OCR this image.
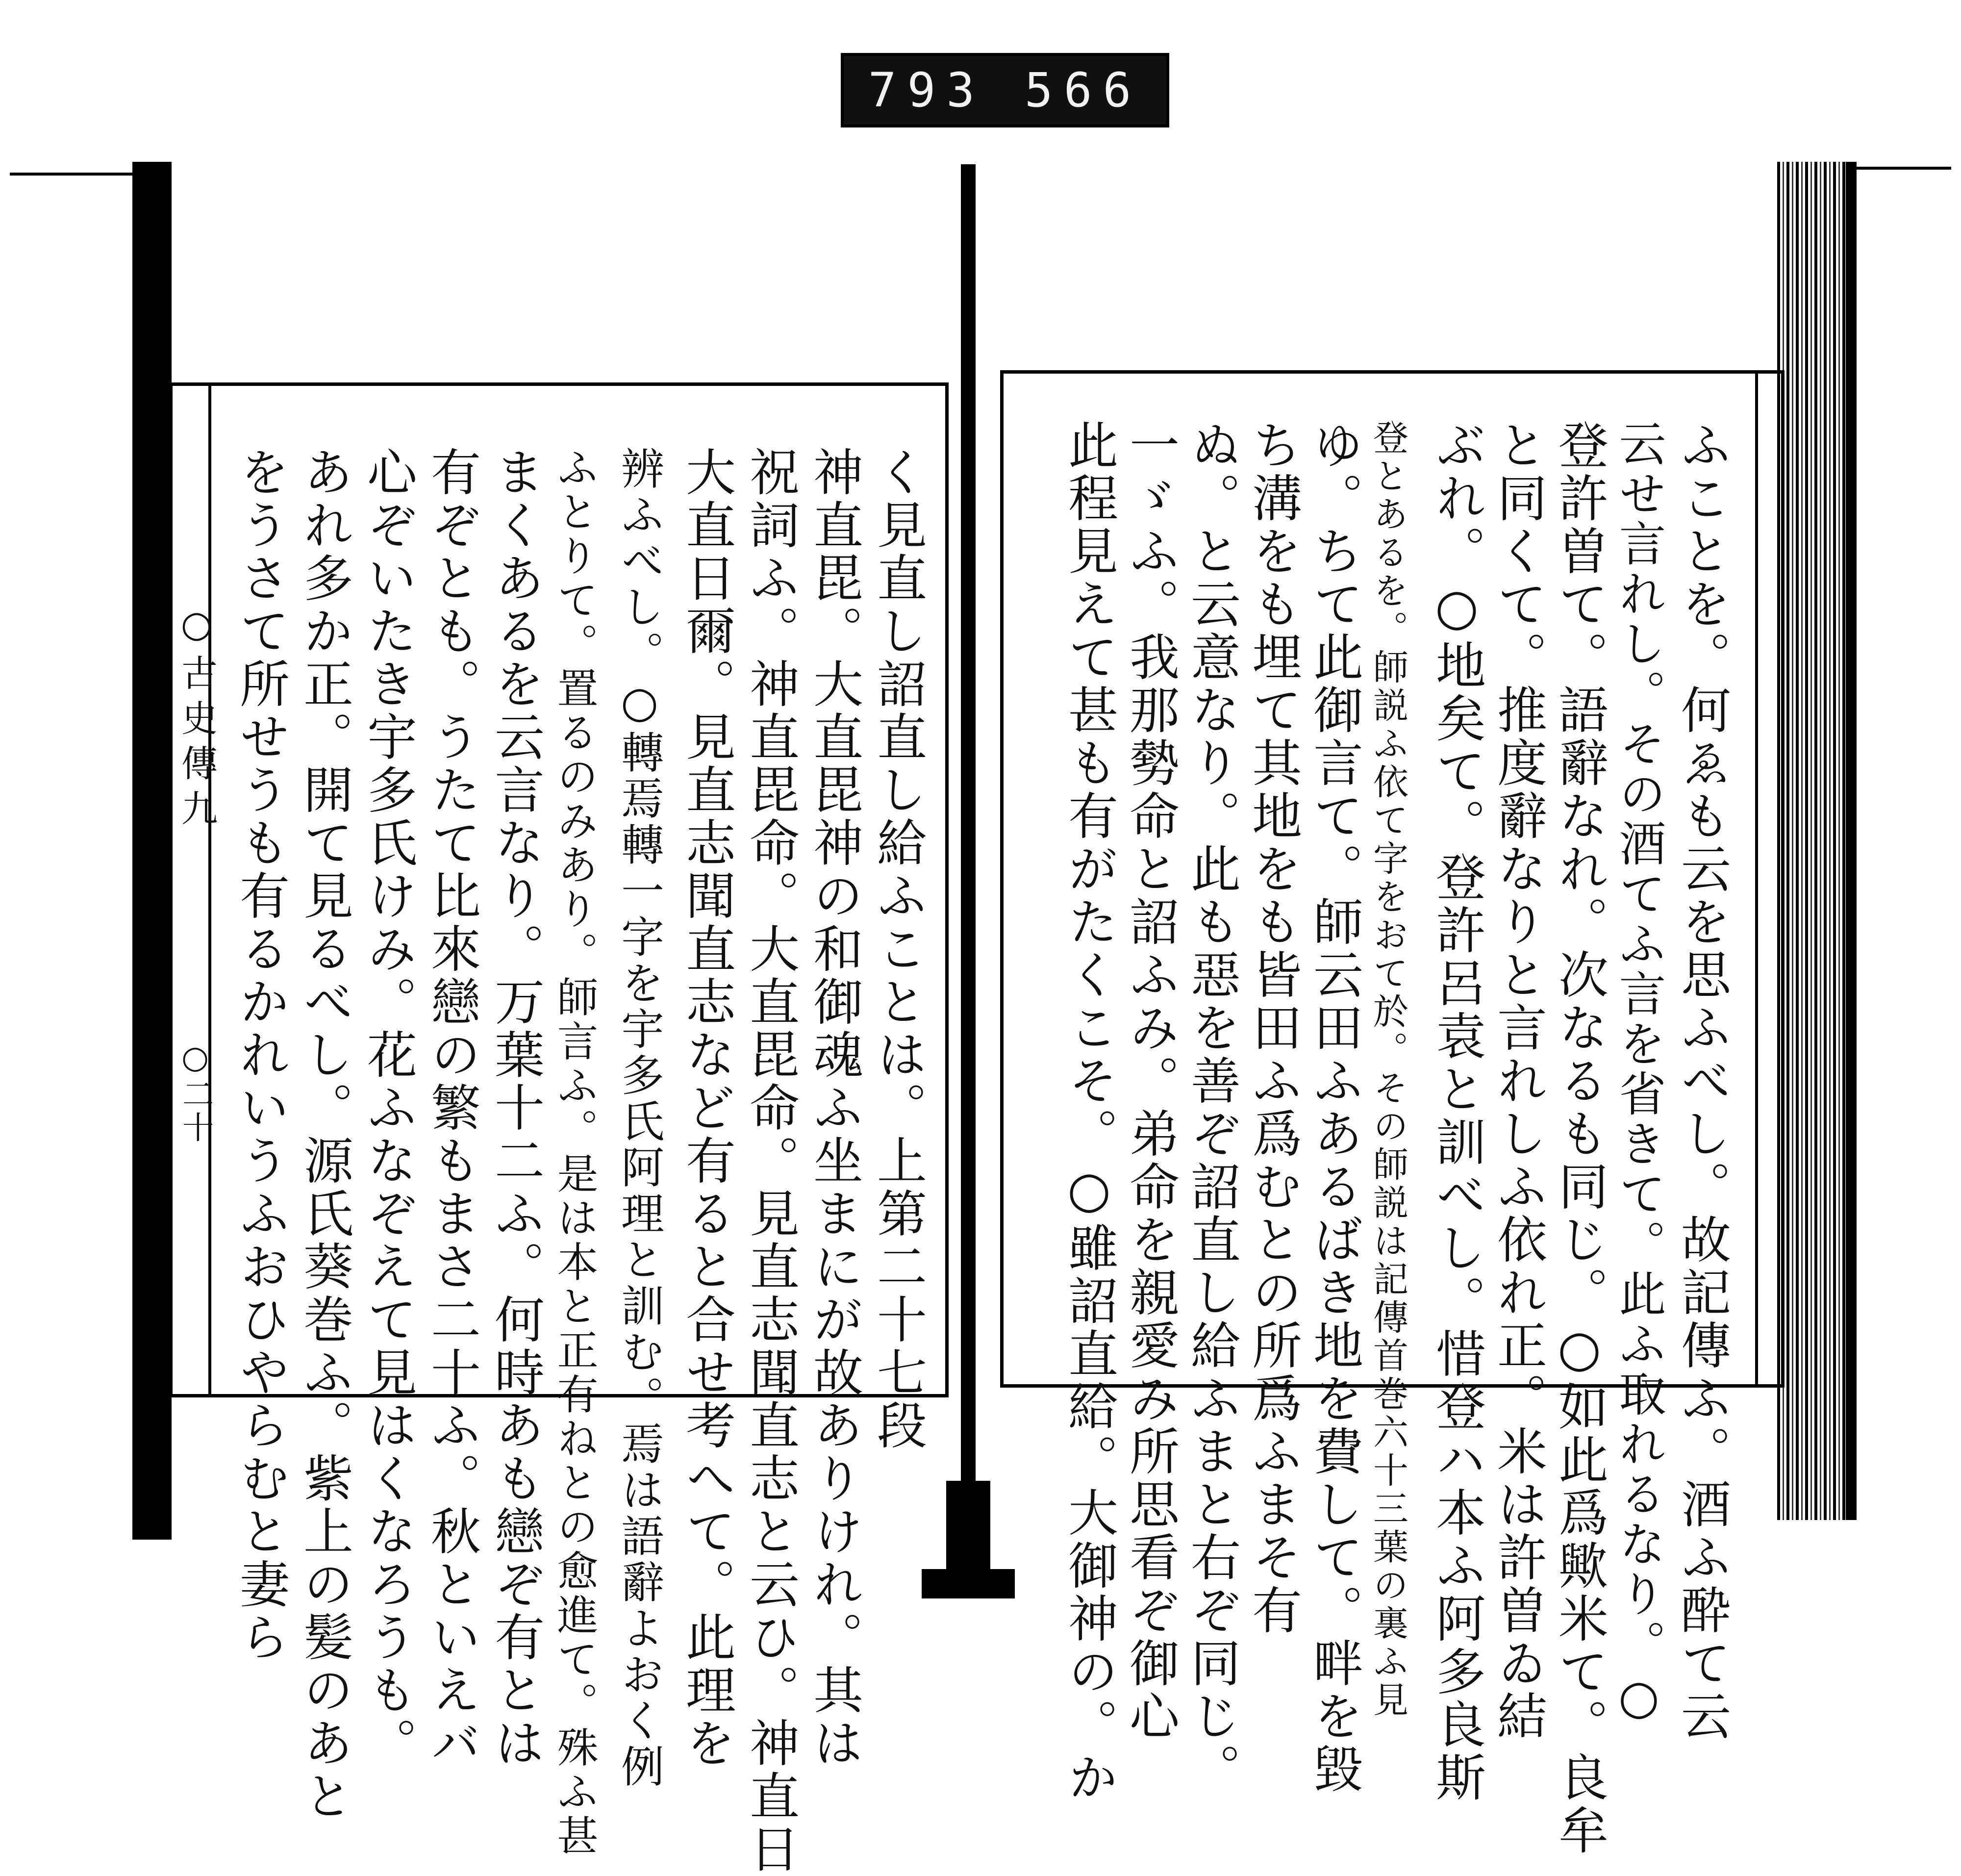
793 566
○古史傳九
○二十	く見直し詔直し給ふことは。上第二十七段
神直毘。大直毘神の和御魂ふ坐まにが故ありけれ。其は
祝詞ふ。神直毘命。大直毘命。見直志聞直志と云ひ。神直日
大直日爾。見直志聞直志など有ると合せ考へて。此理を
辨ふべし。○轉焉轉一字を宇多氏阿理と訓む。焉は語辭よおく例
ふとりて。置るのみあり。師言ふ。是は本と正有ねとの愈進て。殊ふ甚
まくあるを云言なり。万葉十二ふ。何時あも戀ぞ有とは
有ぞとも。うたて比來戀の繁もまさ二十ふ。秋といえバ
心ぞいたき宇多氏けみ。花ふなぞえて見はくなろうも。
あれ多か正。開て見るべし。源氏葵巻ふ。紫上の髪のあと
をうさて所せうも有るかれいうふおひやらむと妻ら	ふことを。何ゑも云を思ふべし。故記傳ふ。酒ふ酔て云
云せ言れし。その酒てふ言を省きて。此ふ取れるなり。○
登許曽て。語辭なれ。次なるも同じ。○如此爲歟米て。良牟
と同くて。推度辭なりと言れしふ依れ正。米は許曽ゐ結
ぶれ。○地矣て。登許呂袁と訓べし。惜登ハ本ふ阿多良斯
登とあるを。師説ふ依て字をおて於。その師説は記傳首巻六十三葉の裏ふ見
ゆ。ちて此御言て。師云田ふあるばき地を費して。畔を毀
ち溝をも埋て其地をも皆田ふ爲むとの所爲ふまそ有
ぬ。と云意なり。此も惡を善ぞ詔直し給ふまと右ぞ同じ。
一ゞふ。我那勢命と詔ふみ。弟命を親愛み所思看ぞ御心
此程見えて甚も有がたくこそ。○雖詔直給。大御神の。か
